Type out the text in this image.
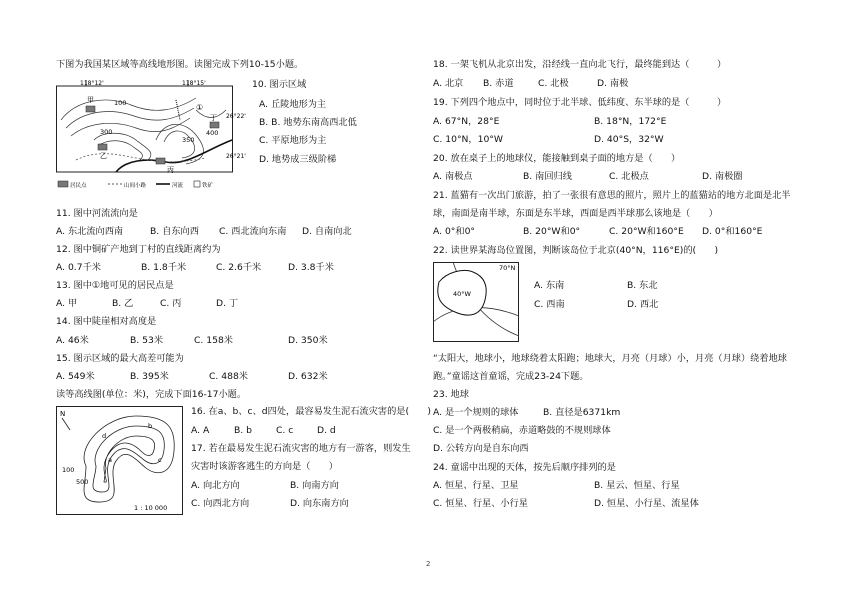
下图为我国某区域等高线地形图。读图完成下列10-15小题。
118°12'	118°15'
26°22'
26°21'
甲
乙
丙
丁
①
100
300
350
400
居民点	山间小路	河流	铁矿
10. 图示区域
A. 丘陵地形为主
B. B. 地势东南高西北低
C. 平原地形为主
D. 地势成三级阶梯
11. 图中河流流向是
A. 东北流向西南	B. 自东向西 C. 西北流向东南 D. 自南向北
12. 图中铜矿产地到丁村的直线距离约为
A. 0.7千米	B. 1.8千米	C. 2.6千米	D. 3.8千米
13. 图中①地可见的居民点是
A. 甲	B. 乙	C. 丙	D. 丁
14. 图中陡崖相对高度是
A. 46米	B. 53米	C. 158米	D. 350米
15. 图示区域的最大高差可能为
A. 549米	B. 395米	C. 488米	D. 632米
读等高线图(单位：米)，完成下面16-17小题。
N
a
b
c
d
100
500
1 : 10 000
16. 在a、b、c、d四处，最容易发生泥石流灾害的是(　　)
A. A	B. b	C. c	D. d
17. 若在最易发生泥石流灾害的地方有一游客，则发生
灾害时该游客逃生的方向是（　　）
A. 向北方向	B. 向南方向
C. 向西北方向	D. 向东南方向
18. 一架飞机从北京出发，沿经线一直向北飞行，最终能到达（　　　）
A. 北京 B. 赤道	C. 北极	D. 南极
19. 下列四个地点中，同时位于北半球、低纬度、东半球的是（　　　）
A. 67°N，28°E	B. 18°N，172°E
C. 10°N，10°W	D. 40°S，32°W
20. 放在桌子上的地球仪，能接触到桌子面的地方是（　　）
A. 南极点	B. 南回归线	C. 北极点	D. 南极圈
21. 蓝猫有一次出门旅游，拍了一张很有意思的照片，照片上的蓝猫站的地方北面是北半
球，南面是南半球，东面是东半球，西面是西半球那么该地是（　　）
A. 0°和0°	B. 20°W和0°	C. 20°W和160°E D. 0°和160°E
22. 读世界某海岛位置图，判断该岛位于北京(40°N，116°E)的(　　)
70°N
40°W
A. 东南	B. 东北
C. 西南	D. 西北
“太阳大，地球小，地球绕着太阳跑；地球大，月亮（月球）小，月亮（月球）绕着地球
跑。”童谣这首童谣，完成23-24下题。
23. 地球
A. 是一个规则的球体	B. 直径是6371km
C. 是一个两极稍扁，赤道略鼓的不规则球体
D. 公转方向是自东向西
24. 童谣中出现的天体，按先后顺序排列的是
A. 恒星、行星、卫星	B. 星云、恒星、行星
C. 恒星、行星、小行星	D. 恒星、小行星、流星体
2
